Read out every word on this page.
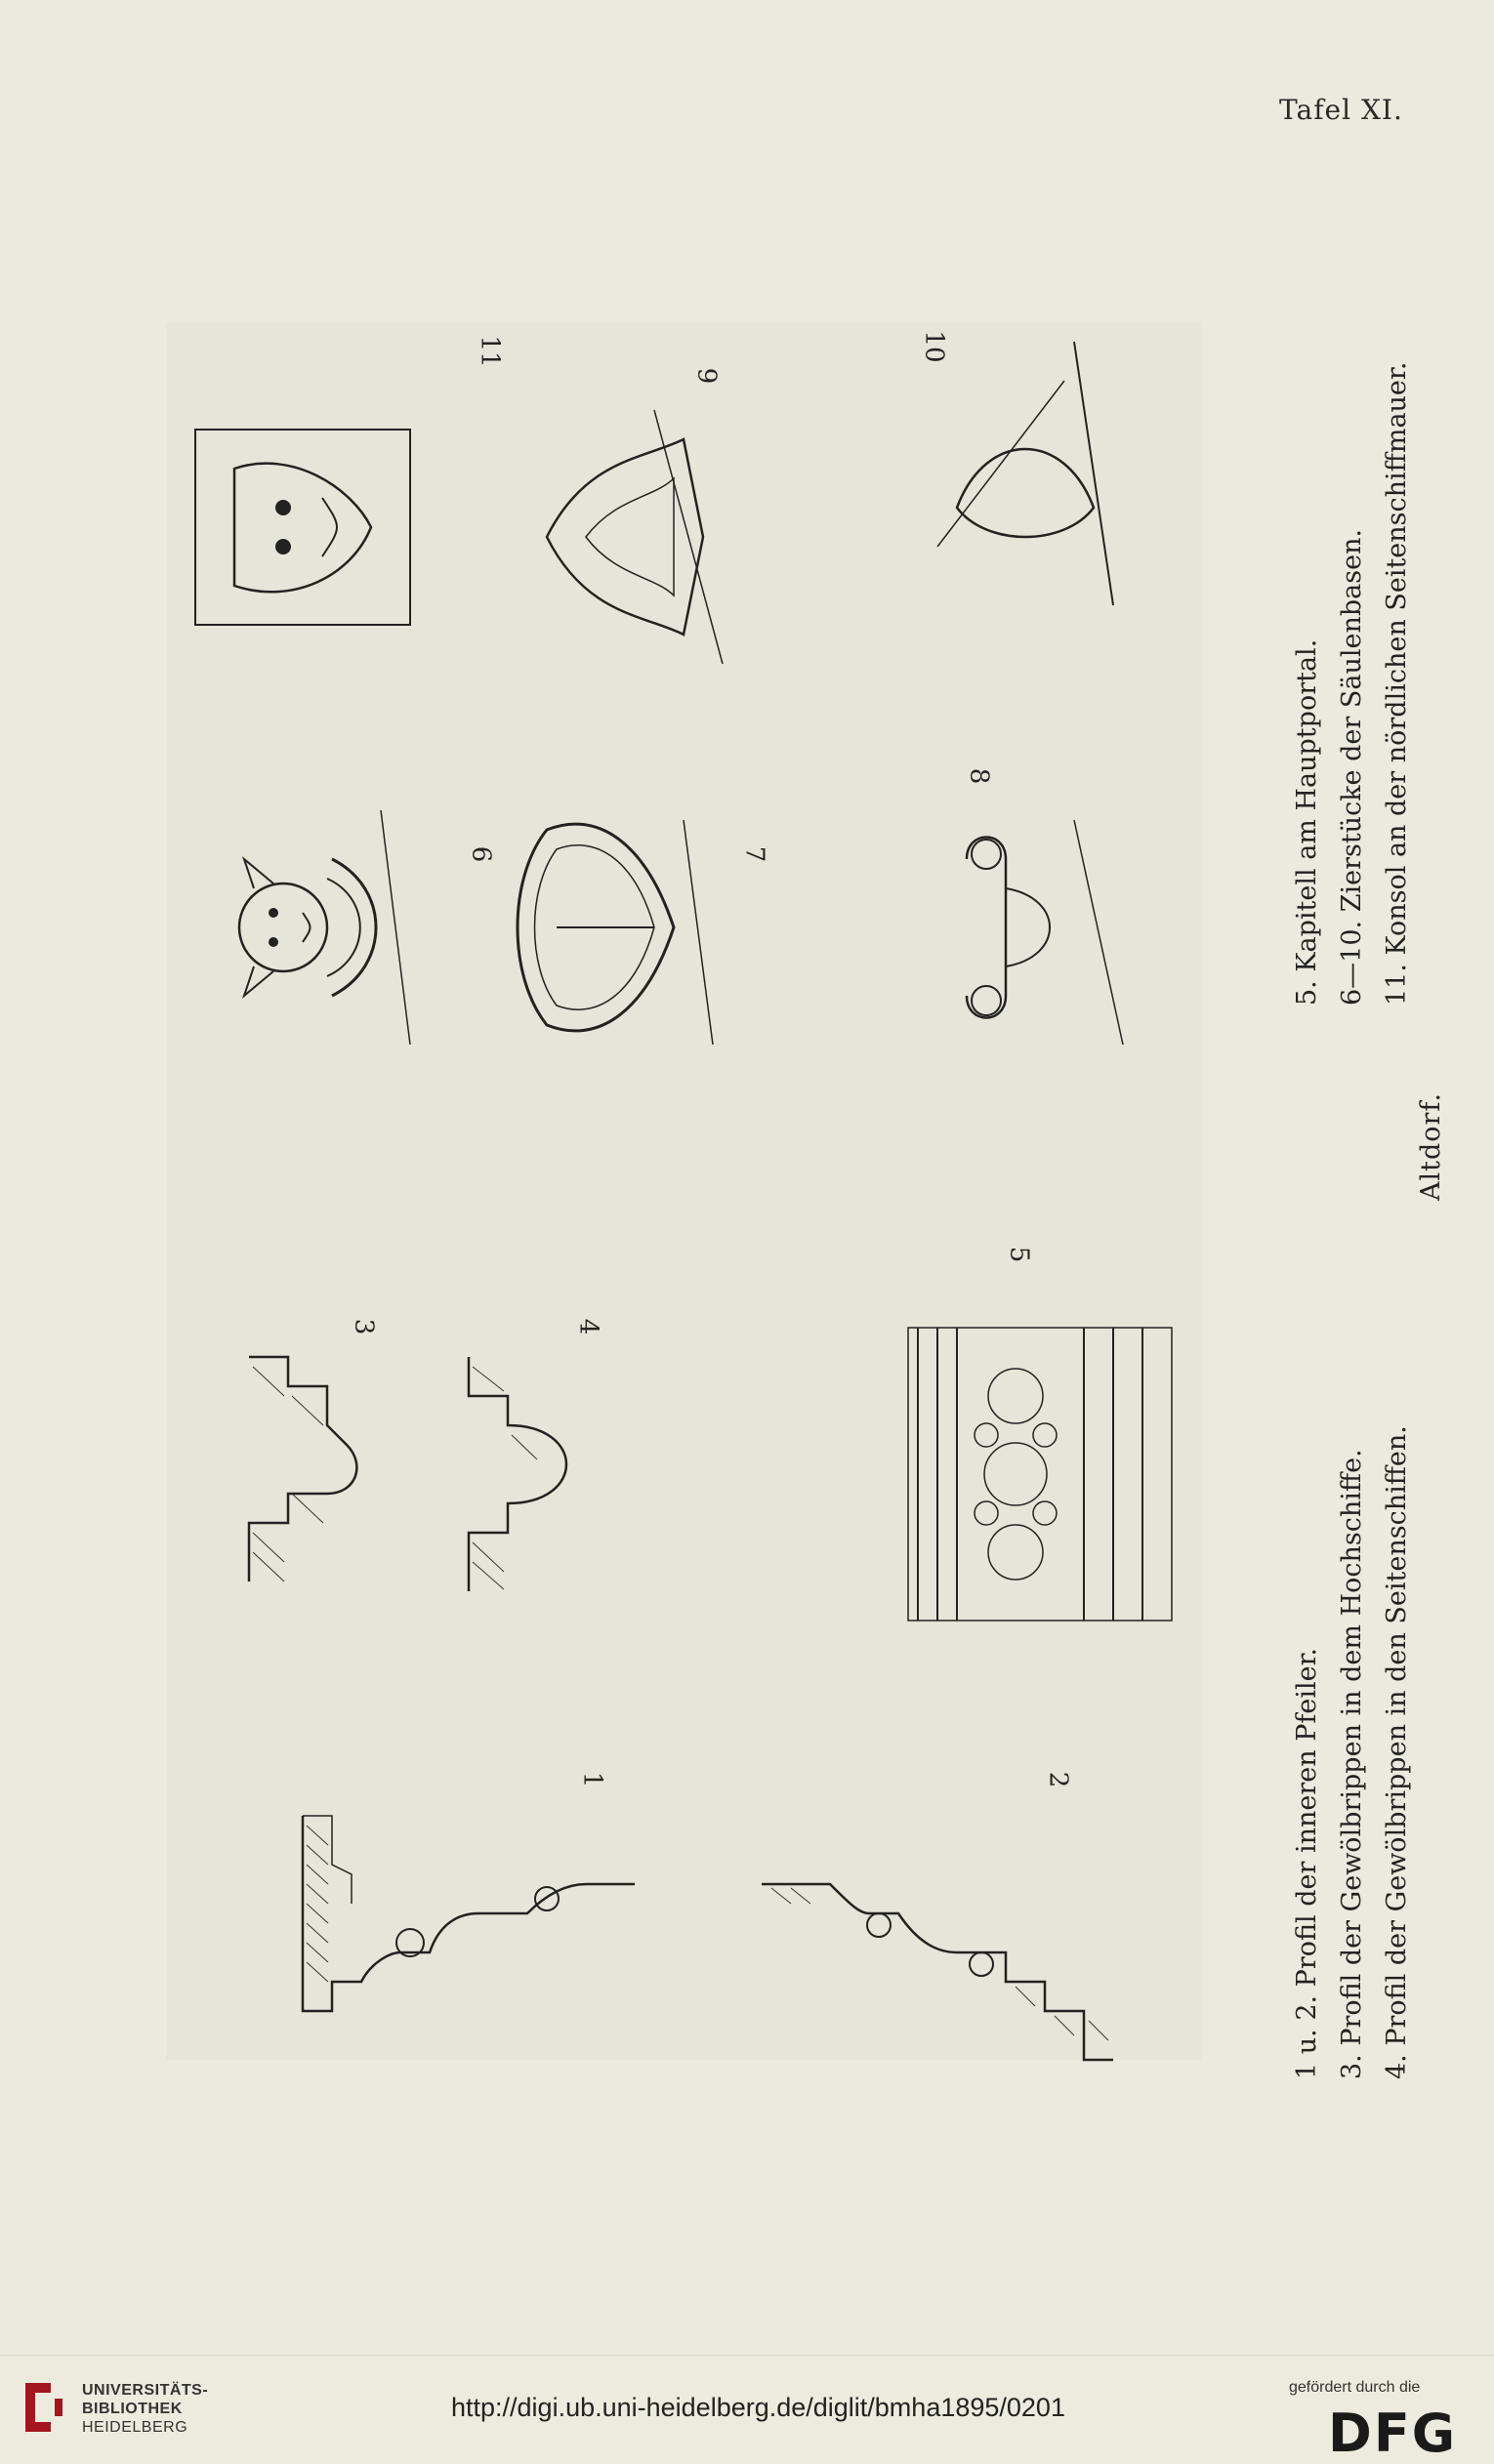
Tafel XI.
1	2
3	4
5
6	7
8
9
10
11
1 u. 2. Profil der inneren Pfeiler. 3. Profil der Gewölbrippen in dem Hochschiffe. 4. Profil der Gewölbrippen in den Seitenschiffen.
5. Kapitell am Hauptportal. 6—10. Zierstücke der Säulenbasen. 11. Konsol an der nördlichen Seitenschiffmauer.
Altdorf.
UNIVERSITÄTS-
BIBLIOTHEK
HEIDELBERG
http://digi.ub.uni-heidelberg.de/diglit/bmha1895/0201
gefördert durch die
DFG
